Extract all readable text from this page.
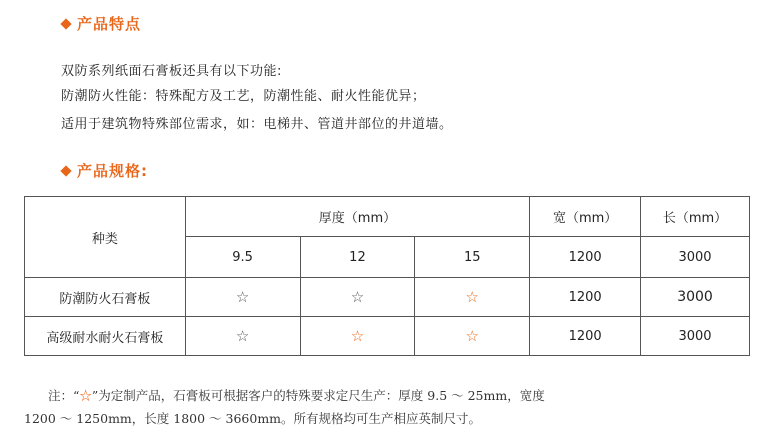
产品特点
双防系列纸面石膏板还具有以下功能:
防潮防火性能：特殊配方及工艺，防潮性能、耐火性能优异；
适用于建筑物特殊部位需求，如：电梯井、管道井部位的井道墙。
产品规格:
种类	厚度（mm）			宽（mm）	长（mm）
	9.5	12	15	1200	3000
防潮防火石膏板	☆	☆	☆	1200	3000
高级耐水耐火石膏板	☆	☆	☆	1200	3000
注：“☆”为定制产品，石膏板可根据客户的特殊要求定尺生产：厚度 9.5 ～ 25mm，宽度
1200 ～ 1250mm，长度 1800 ～ 3660mm。所有规格均可生产相应英制尺寸。
